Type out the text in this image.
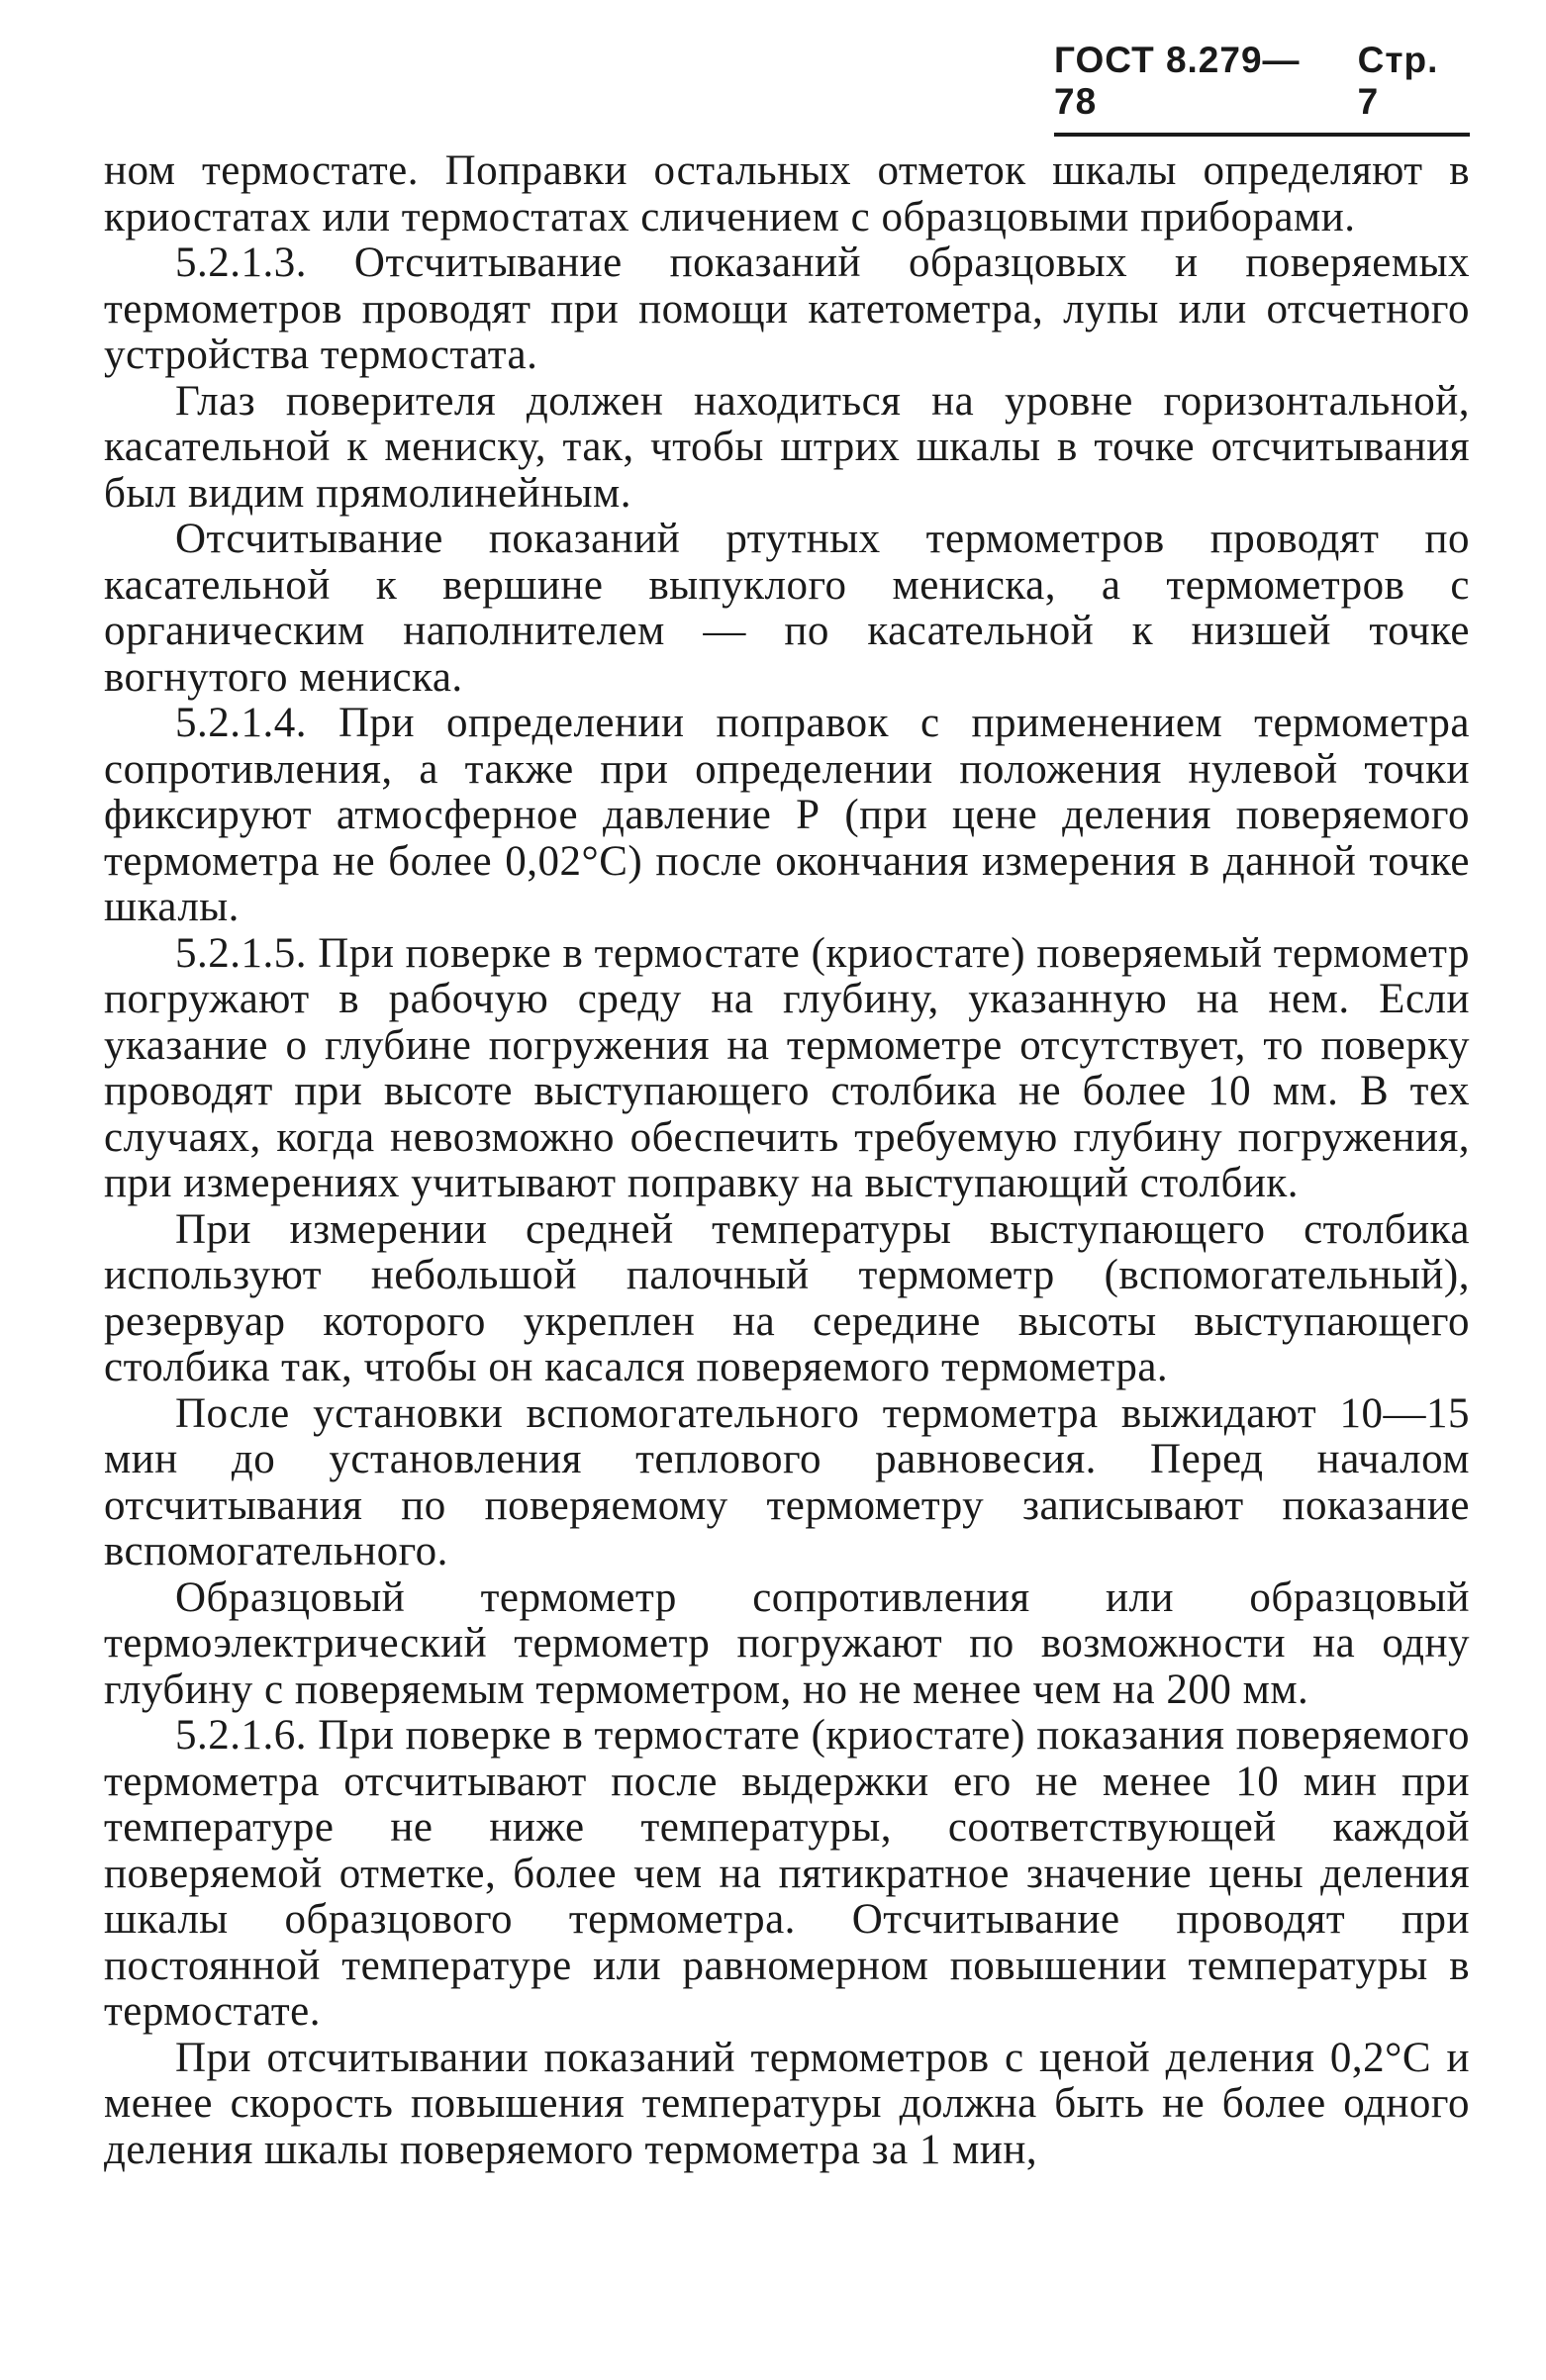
ГОСТ 8.279—78
Стр. 7

ном термостате. Поправки остальных отметок шкалы определяют в криостатах или термостатах сличением с образцовыми приборами.

5.2.1.3. Отсчитывание показаний образцовых и поверяемых термометров проводят при помощи катетометра, лупы или отсчетного устройства термостата.

Глаз поверителя должен находиться на уровне горизонтальной, касательной к мениску, так, чтобы штрих шкалы в точке отсчитывания был видим прямолинейным.

Отсчитывание показаний ртутных термометров проводят по касательной к вершине выпуклого мениска, а термометров с органическим наполнителем — по касательной к низшей точке вогнутого мениска.

5.2.1.4. При определении поправок с применением термометра сопротивления, а также при определении положения нулевой точки фиксируют атмосферное давление Р (при цене деления поверяемого термометра не более 0,02°С) после окончания измерения в данной точке шкалы.

5.2.1.5. При поверке в термостате (криостате) поверяемый термометр погружают в рабочую среду на глубину, указанную на нем. Если указание о глубине погружения на термометре отсутствует, то поверку проводят при высоте выступающего столбика не более 10 мм. В тех случаях, когда невозможно обеспечить требуемую глубину погружения, при измерениях учитывают поправку на выступающий столбик.

При измерении средней температуры выступающего столбика используют небольшой палочный термометр (вспомогательный), резервуар которого укреплен на середине высоты выступающего столбика так, чтобы он касался поверяемого термометра.

После установки вспомогательного термометра выжидают 10—15 мин до установления теплового равновесия. Перед началом отсчитывания по поверяемому термометру записывают показание вспомогательного.

Образцовый термометр сопротивления или образцовый термоэлектрический термометр погружают по возможности на одну глубину с поверяемым термометром, но не менее чем на 200 мм.

5.2.1.6. При поверке в термостате (криостате) показания поверяемого термометра отсчитывают после выдержки его не менее 10 мин при температуре не ниже температуры, соответствующей каждой поверяемой отметке, более чем на пятикратное значение цены деления шкалы образцового термометра. Отсчитывание проводят при постоянной температуре или равномерном повышении температуры в термостате.

При отсчитывании показаний термометров с ценой деления 0,2°С и менее скорость повышения температуры должна быть не более одного деления шкалы поверяемого термометра за 1 мин,
